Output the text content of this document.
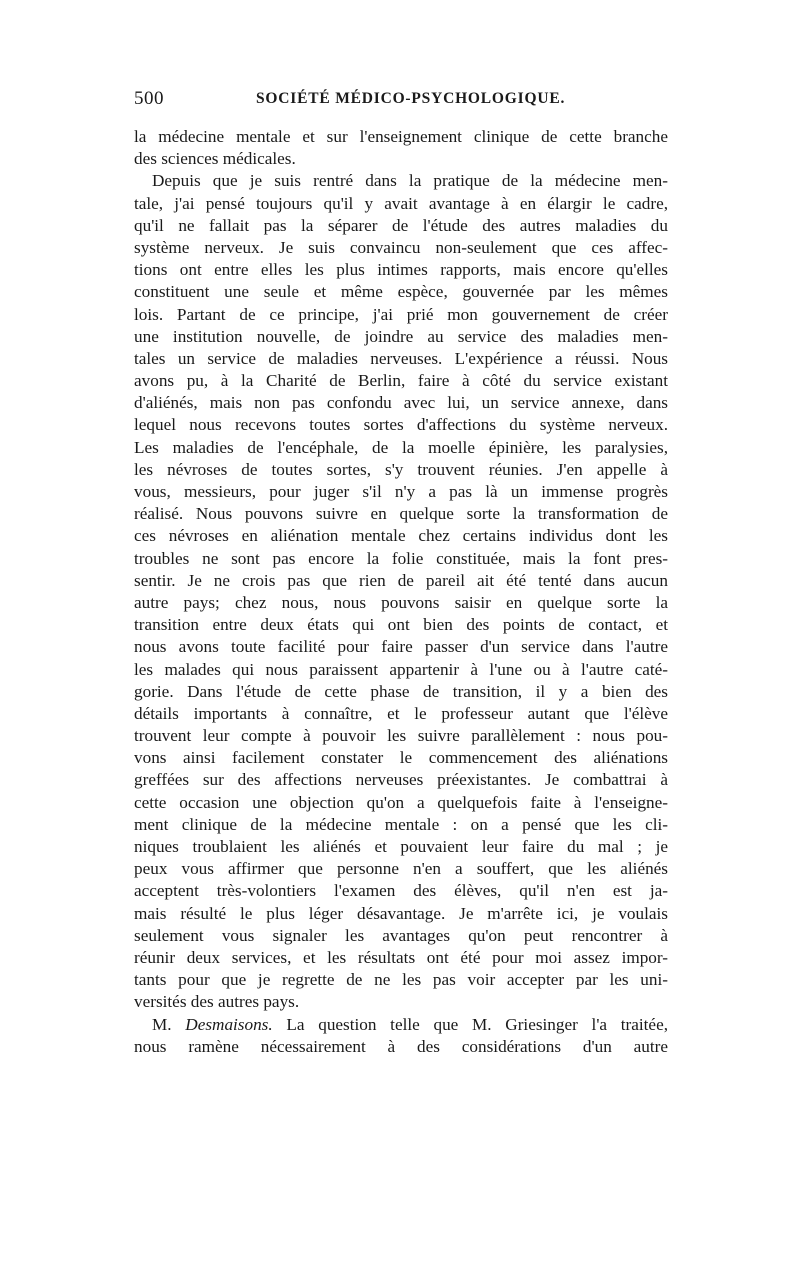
500	SOCIÉTÉ MÉDICO-PSYCHOLOGIQUE.
la médecine mentale et sur l'enseignement clinique de cette branche
des sciences médicales.
Depuis que je suis rentré dans la pratique de la médecine men-
tale, j'ai pensé toujours qu'il y avait avantage à en élargir le cadre,
qu'il ne fallait pas la séparer de l'étude des autres maladies du
système nerveux. Je suis convaincu non-seulement que ces affec-
tions ont entre elles les plus intimes rapports, mais encore qu'elles
constituent une seule et même espèce, gouvernée par les mêmes
lois. Partant de ce principe, j'ai prié mon gouvernement de créer
une institution nouvelle, de joindre au service des maladies men-
tales un service de maladies nerveuses. L'expérience a réussi. Nous
avons pu, à la Charité de Berlin, faire à côté du service existant
d'aliénés, mais non pas confondu avec lui, un service annexe, dans
lequel nous recevons toutes sortes d'affections du système nerveux.
Les maladies de l'encéphale, de la moelle épinière, les paralysies,
les névroses de toutes sortes, s'y trouvent réunies. J'en appelle à
vous, messieurs, pour juger s'il n'y a pas là un immense progrès
réalisé. Nous pouvons suivre en quelque sorte la transformation de
ces névroses en aliénation mentale chez certains individus dont les
troubles ne sont pas encore la folie constituée, mais la font pres-
sentir. Je ne crois pas que rien de pareil ait été tenté dans aucun
autre pays; chez nous, nous pouvons saisir en quelque sorte la
transition entre deux états qui ont bien des points de contact, et
nous avons toute facilité pour faire passer d'un service dans l'autre
les malades qui nous paraissent appartenir à l'une ou à l'autre caté-
gorie. Dans l'étude de cette phase de transition, il y a bien des
détails importants à connaître, et le professeur autant que l'élève
trouvent leur compte à pouvoir les suivre parallèlement : nous pou-
vons ainsi facilement constater le commencement des aliénations
greffées sur des affections nerveuses préexistantes. Je combattrai à
cette occasion une objection qu'on a quelquefois faite à l'enseigne-
ment clinique de la médecine mentale : on a pensé que les cli-
niques troublaient les aliénés et pouvaient leur faire du mal ; je
peux vous affirmer que personne n'en a souffert, que les aliénés
acceptent très-volontiers l'examen des élèves, qu'il n'en est ja-
mais résulté le plus léger désavantage. Je m'arrête ici, je voulais
seulement vous signaler les avantages qu'on peut rencontrer à
réunir deux services, et les résultats ont été pour moi assez impor-
tants pour que je regrette de ne les pas voir accepter par les uni-
versités des autres pays.
M. Desmaisons. La question telle que M. Griesinger l'a traitée,
nous ramène nécessairement à des considérations d'un autre
